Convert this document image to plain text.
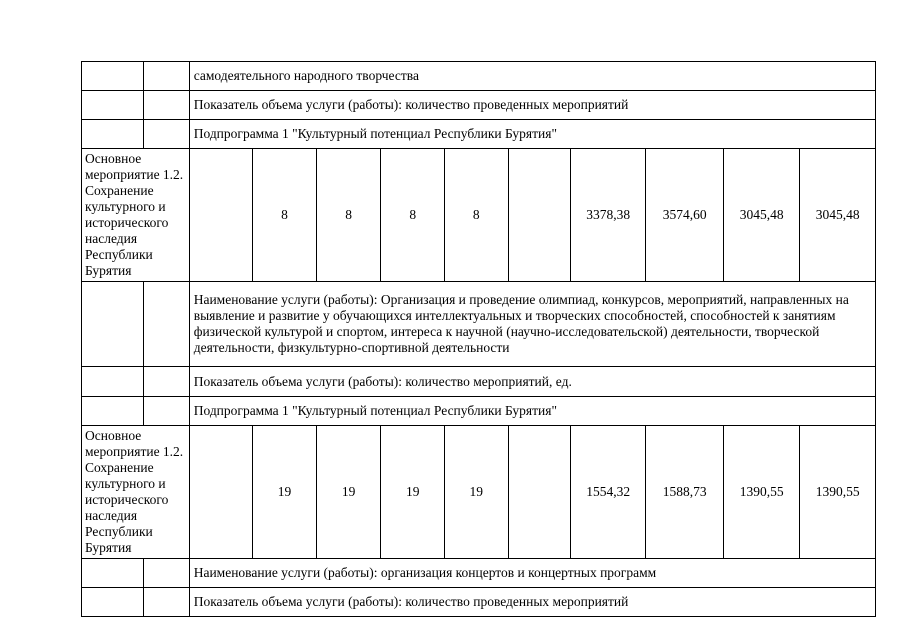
		самодеятельного народного творчества									
		Показатель объема услуги (работы): количество проведенных мероприятий									
		Подпрограмма 1 "Культурный потенциал Республики Бурятия"									
Основное мероприятие 1.2. Сохранение культурного и исторического наследия Республики Бурятия			8	8	8	8		3378,38	3574,60	3045,48	3045,48
		Наименование услуги (работы): Организация и проведение олимпиад, конкурсов, мероприятий, направленных на выявление и развитие у обучающихся интеллектуальных и творческих способностей, способностей к занятиям физической культурой и спортом, интереса к научной (научно-исследовательской) деятельности, творческой деятельности, физкультурно-спортивной деятельности									
		Показатель объема услуги (работы): количество мероприятий, ед.									
		Подпрограмма 1 "Культурный потенциал Республики Бурятия"									
Основное мероприятие 1.2. Сохранение культурного и исторического наследия Республики Бурятия			19	19	19	19		1554,32	1588,73	1390,55	1390,55
		Наименование услуги (работы): организация концертов и концертных программ									
		Показатель объема услуги (работы): количество проведенных мероприятий									
